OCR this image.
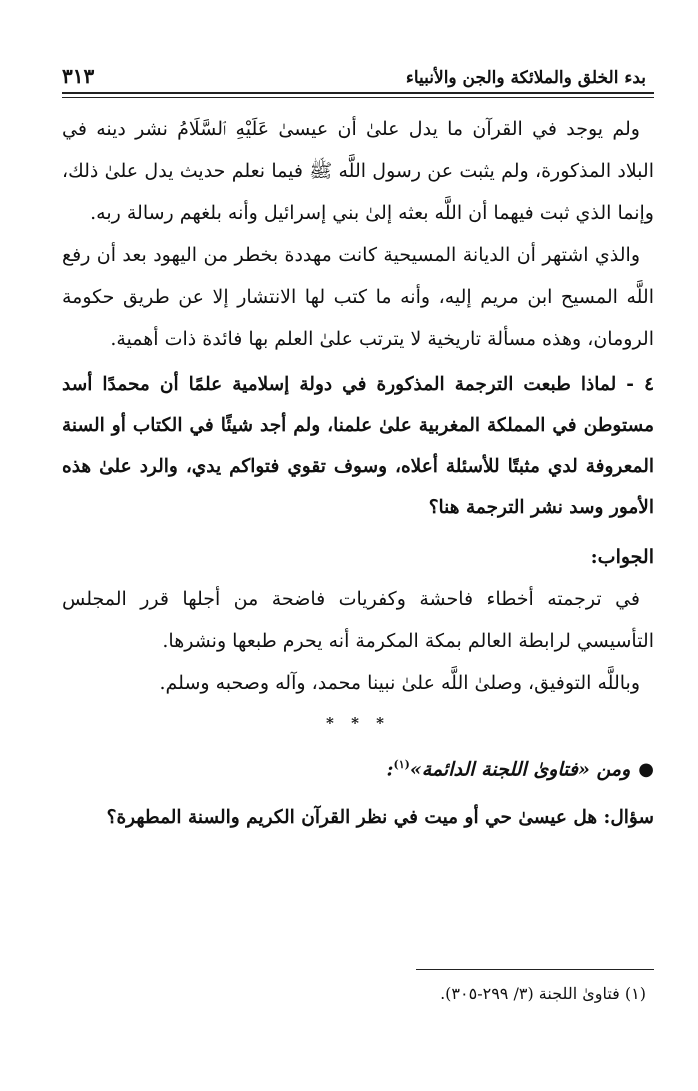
بدء الخلق والملائكة والجن والأنبياء
٣١٣

ولم يوجد في القرآن ما يدل علىٰ أن عيسىٰ عَلَيْهِ ٱلسَّلَامُ نشر دينه في البلاد المذكورة، ولم يثبت عن رسول اللَّه ﷺ فيما نعلم حديث يدل علىٰ ذلك، وإنما الذي ثبت فيهما أن اللَّه بعثه إلىٰ بني إسرائيل وأنه بلغهم رسالة ربه.

والذي اشتهر أن الديانة المسيحية كانت مهددة بخطر من اليهود بعد أن رفع اللَّه المسيح ابن مريم إليه، وأنه ما كتب لها الانتشار إلا عن طريق حكومة الرومان، وهذه مسألة تاريخية لا يترتب علىٰ العلم بها فائدة ذات أهمية.

٤ - لماذا طبعت الترجمة المذكورة في دولة إسلامية علمًا أن محمدًا أسد مستوطن في المملكة المغربية علىٰ علمنا، ولم أجد شيئًا في الكتاب أو السنة المعروفة لدي مثبتًا للأسئلة أعلاه، وسوف تقوي فتواكم يدي، والرد علىٰ هذه الأمور وسد نشر الترجمة هنا؟

الجواب:

في ترجمته أخطاء فاحشة وكفريات فاضحة من أجلها قرر المجلس التأسيسي لرابطة العالم بمكة المكرمة أنه يحرم طبعها ونشرها.

وباللَّه التوفيق، وصلىٰ اللَّه علىٰ نبينا محمد، وآله وصحبه وسلم.

* * *

●ومن «فتاوىٰ اللجنة الدائمة»$^{(١)}$:

سؤال: هل عيسىٰ حي أو ميت في نظر القرآن الكريم والسنة المطهرة؟

(١) فتاوىٰ اللجنة (٣/ ٢٩٩-٣٠٥).
